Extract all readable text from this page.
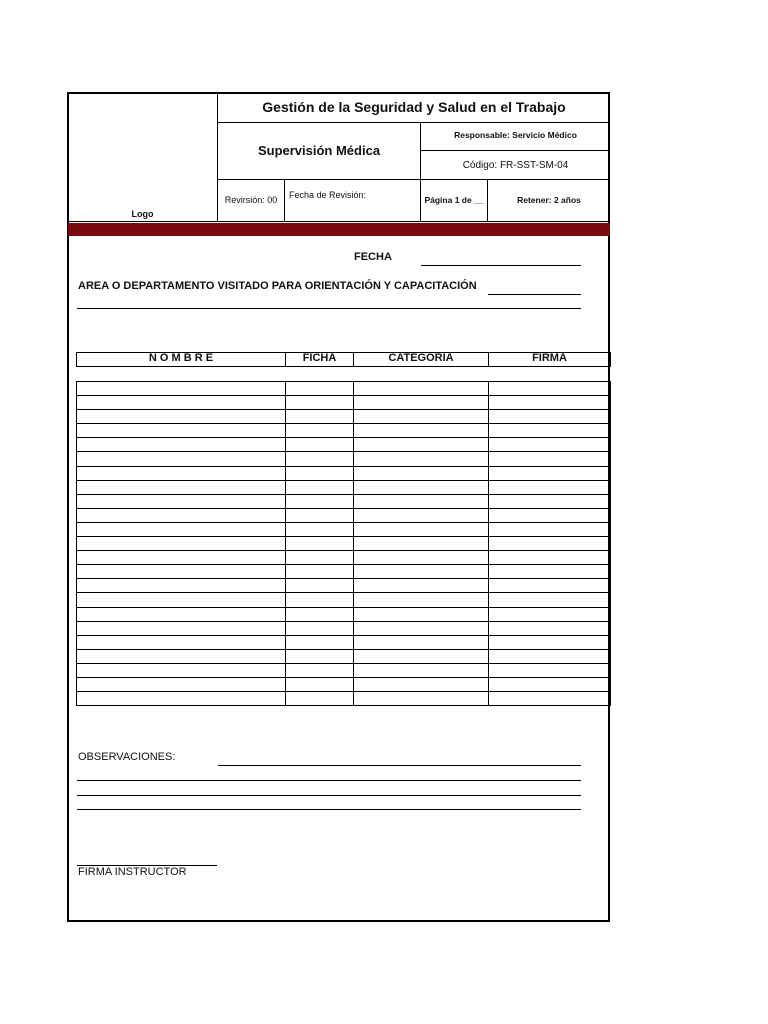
Logo
Gestión de la Seguridad y Salud en el Trabajo
Supervisión Médica
Responsable: Servicio Médico
Código: FR-SST-SM-04
Revirsión: 00	Fecha de Revisión:	Página 1 de __	Retener: 2 años
FECHA
AREA O DEPARTAMENTO VISITADO PARA ORIENTACIÓN Y CAPACITACIÓN
N O M B R E	FICHA	CATEGORIA	FIRMA

OBSERVACIONES:
FIRMA INSTRUCTOR
